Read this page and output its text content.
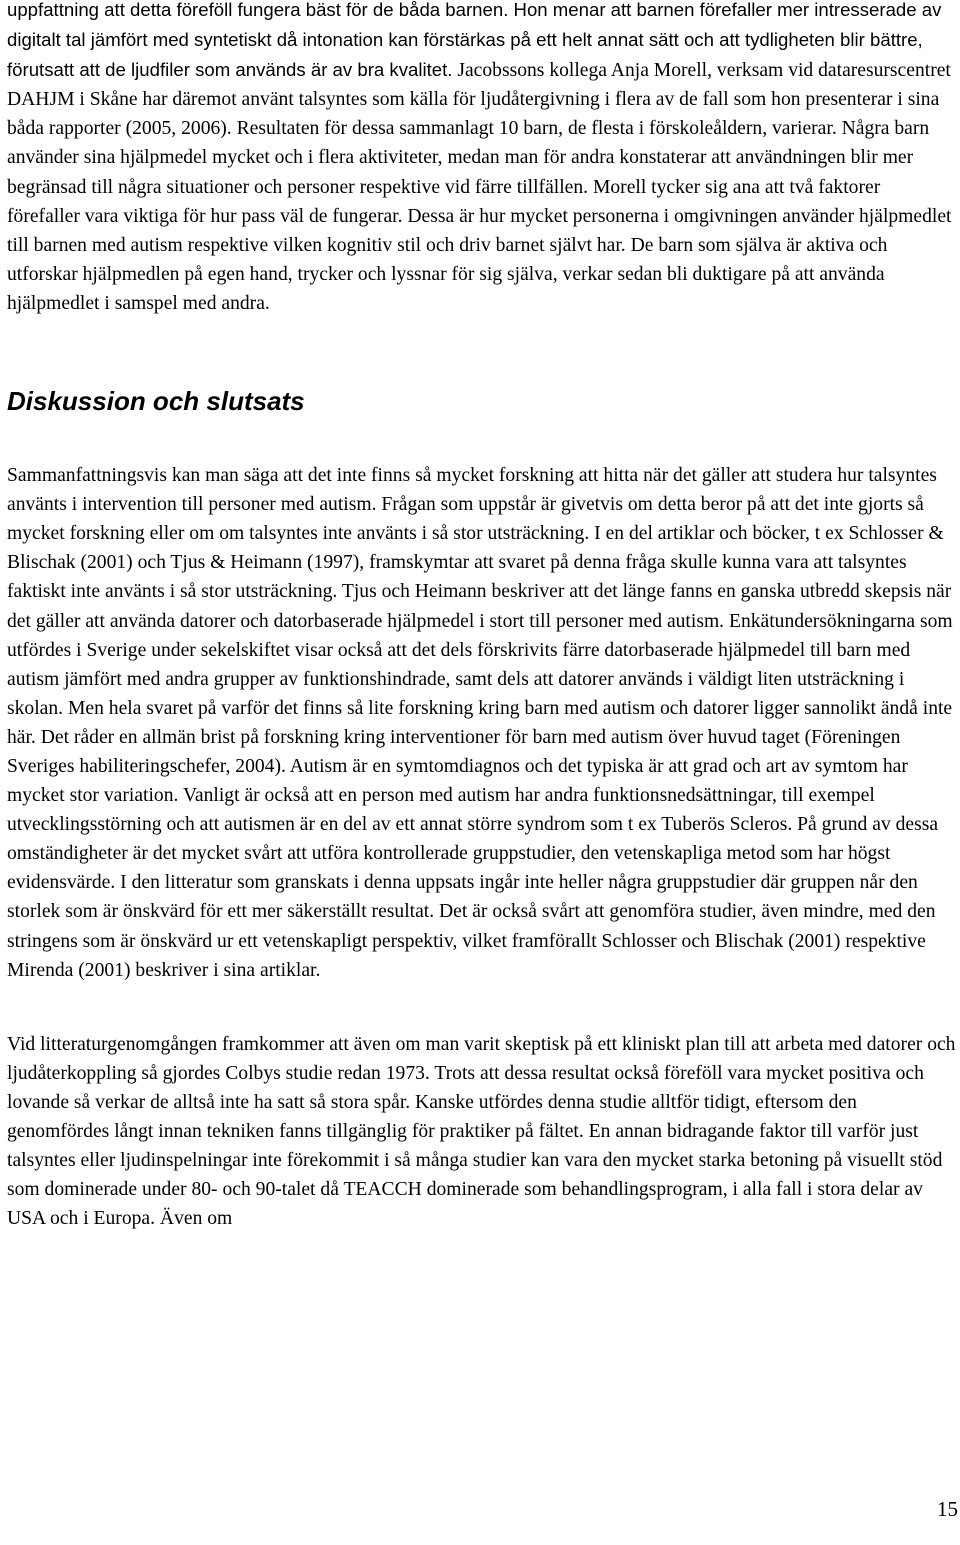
uppfattning att detta föreföll fungera bäst för de båda barnen. Hon menar att barnen förefaller mer intresserade av digitalt tal jämfört med syntetiskt då intonation kan förstärkas på ett helt annat sätt och att tydligheten blir bättre, förutsatt att de ljudfiler som används är av bra kvalitet. Jacobssons kollega Anja Morell, verksam vid dataresurscentret DAHJM i Skåne har däremot använt talsyntes som källa för ljudåtergivning i flera av de fall som hon presenterar i sina båda rapporter (2005, 2006). Resultaten för dessa sammanlagt 10 barn, de flesta i förskoleåldern, varierar. Några barn använder sina hjälpmedel mycket och i flera aktiviteter, medan man för andra konstaterar att användningen blir mer begränsad till några situationer och personer respektive vid färre tillfällen. Morell tycker sig ana att två faktorer förefaller vara viktiga för hur pass väl de fungerar. Dessa är hur mycket personerna i omgivningen använder hjälpmedlet till barnen med autism respektive vilken kognitiv stil och driv barnet självt har. De barn som själva är aktiva och utforskar hjälpmedlen på egen hand, trycker och lyssnar för sig själva, verkar sedan bli duktigare på att använda hjälpmedlet i samspel med andra.

Diskussion och slutsats

Sammanfattningsvis kan man säga att det inte finns så mycket forskning att hitta när det gäller att studera hur talsyntes använts i intervention till personer med autism. Frågan som uppstår är givetvis om detta beror på att det inte gjorts så mycket forskning eller om om talsyntes inte använts i så stor utsträckning. I en del artiklar och böcker, t ex Schlosser & Blischak (2001) och Tjus & Heimann (1997), framskymtar att svaret på denna fråga skulle kunna vara att talsyntes faktiskt inte använts i så stor utsträckning. Tjus och Heimann beskriver att det länge fanns en ganska utbredd skepsis när det gäller att använda datorer och datorbaserade hjälpmedel i stort till personer med autism. Enkätundersökningarna som utfördes i Sverige under sekelskiftet visar också att det dels förskrivits färre datorbaserade hjälpmedel till barn med autism jämfört med andra grupper av funktionshindrade, samt dels att datorer används i väldigt liten utsträckning i skolan. Men hela svaret på varför det finns så lite forskning kring barn med autism och datorer ligger sannolikt ändå inte här. Det råder en allmän brist på forskning kring interventioner för barn med autism över huvud taget (Föreningen Sveriges habiliteringschefer, 2004). Autism är en symtomdiagnos och det typiska är att grad och art av symtom har mycket stor variation. Vanligt är också att en person med autism har andra funktionsnedsättningar, till exempel utvecklingsstörning och att autismen är en del av ett annat större syndrom som t ex Tuberös Scleros. På grund av dessa omständigheter är det mycket svårt att utföra kontrollerade gruppstudier, den vetenskapliga metod som har högst evidensvärde. I den litteratur som granskats i denna uppsats ingår inte heller några gruppstudier där gruppen når den storlek som är önskvärd för ett mer säkerställt resultat. Det är också svårt att genomföra studier, även mindre, med den stringens som är önskvärd ur ett vetenskapligt perspektiv, vilket framförallt Schlosser och Blischak (2001) respektive Mirenda (2001) beskriver i sina artiklar.

Vid litteraturgenomgången framkommer att även om man varit skeptisk på ett kliniskt plan till att arbeta med datorer och ljudåterkoppling så gjordes Colbys studie redan 1973. Trots att dessa resultat också föreföll vara mycket positiva och lovande så verkar de alltså inte ha satt så stora spår. Kanske utfördes denna studie alltför tidigt, eftersom den genomfördes långt innan tekniken fanns tillgänglig för praktiker på fältet. En annan bidragande faktor till varför just talsyntes eller ljudinspelningar inte förekommit i så många studier kan vara den mycket starka betoning på visuellt stöd som dominerade under 80- och 90-talet då TEACCH dominerade som behandlingsprogram, i alla fall i stora delar av USA och i Europa. Även om

15
